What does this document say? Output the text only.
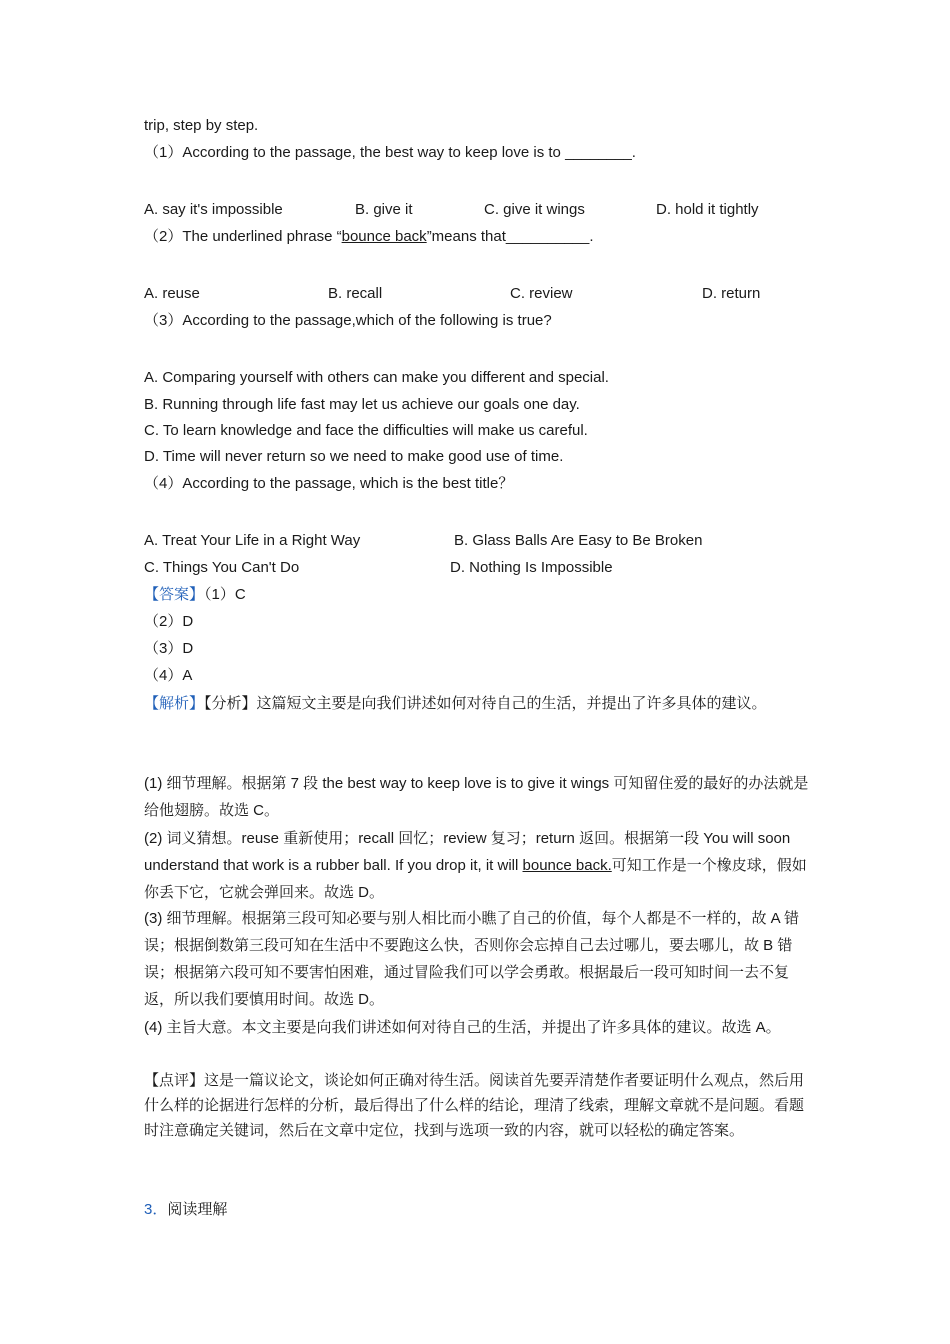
trip, step by step.
（1）According to the passage, the best way to keep love is to ________.
A. say it's impossible	B. give it	C. give it wings	D. hold it tightly
（2）The underlined phrase “bounce back”means that__________.
A. reuse	B. recall	C. review	D. return
（3）According to the passage,which of the following is true?
A. Comparing yourself with others can make you different and special.
B. Running through life fast may let us achieve our goals one day.
C. To learn knowledge and face the difficulties will make us careful.
D. Time will never return so we need to make good use of time.
（4）According to the passage, which is the best title？
A. Treat Your Life in a Right Way	B. Glass Balls Are Easy to Be Broken
C. Things You Can't Do	D. Nothing Is Impossible
【答案】（1）C
（2）D
（3）D
（4）A
【解析】【分析】这篇短文主要是向我们讲述如何对待自己的生活，并提出了许多具体的建议。
(1) 细节理解。根据第 7 段 the best way to keep love is to give it wings 可知留住爱的最好的办法就是给他翅膀。故选 C。
(2) 词义猜想。reuse 重新使用；recall 回忆；review 复习；return 返回。根据第一段 You will soon understand that work is a rubber ball. If you drop it, it will bounce back.可知工作是一个橡皮球，假如你丢下它，它就会弹回来。故选 D。
(3) 细节理解。根据第三段可知必要与别人相比而小瞧了自己的价值，每个人都是不一样的，故 A 错误；根据倒数第三段可知在生活中不要跑这么快，否则你会忘掉自己去过哪儿，要去哪儿，故 B 错误；根据第六段可知不要害怕困难，通过冒险我们可以学会勇敢。根据最后一段可知时间一去不复返，所以我们要慎用时间。故选 D。
(4) 主旨大意。本文主要是向我们讲述如何对待自己的生活，并提出了许多具体的建议。故选 A。
【点评】这是一篇议论文，谈论如何正确对待生活。阅读首先要弄清楚作者要证明什么观点，然后用什么样的论据进行怎样的分析，最后得出了什么样的结论，理清了线索，理解文章就不是问题。看题时注意确定关键词，然后在文章中定位，找到与选项一致的内容，就可以轻松的确定答案。
3．阅读理解
